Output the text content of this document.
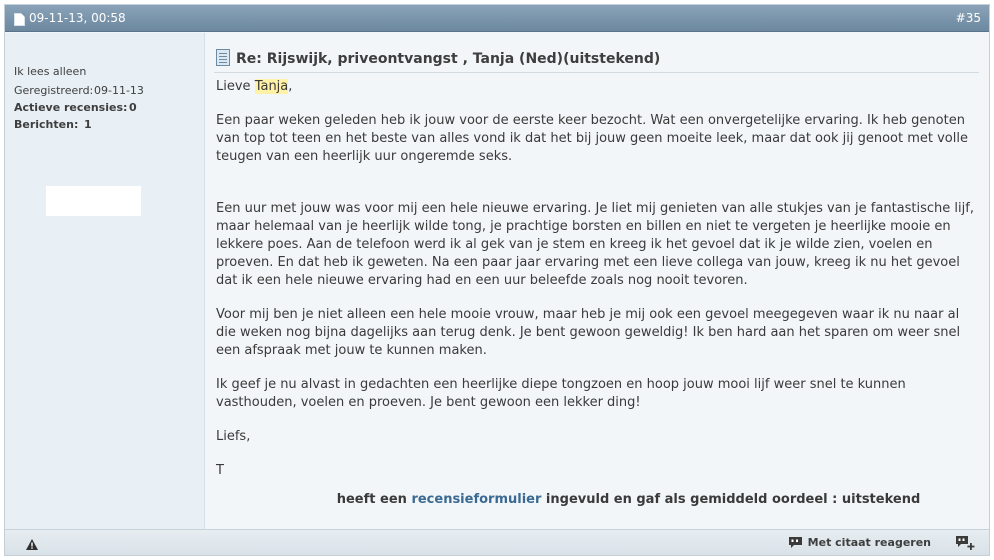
09-11-13, 00:58	#35
Ik lees alleen
Geregistreerd: 09-11-13
Actieve recensies: 0
Berichten: 1
Re: Rijswijk, priveontvangst , Tanja (Ned)(uitstekend)

Lieve Tanja,

Een paar weken geleden heb ik jouw voor de eerste keer bezocht. Wat een onvergetelijke ervaring. Ik heb genoten van top tot teen en het beste van alles vond ik dat het bij jouw geen moeite leek, maar dat ook jij genoot met volle teugen van een heerlijk uur ongeremde seks.

Een uur met jouw was voor mij een hele nieuwe ervaring. Je liet mij genieten van alle stukjes van je fantastische lijf, maar helemaal van je heerlijk wilde tong, je prachtige borsten en billen en niet te vergeten je heerlijke mooie en lekkere poes. Aan de telefoon werd ik al gek van je stem en kreeg ik het gevoel dat ik je wilde zien, voelen en proeven. En dat heb ik geweten. Na een paar jaar ervaring met een lieve collega van jouw, kreeg ik nu het gevoel dat ik een hele nieuwe ervaring had en een uur beleefde zoals nog nooit tevoren.

Voor mij ben je niet alleen een hele mooie vrouw, maar heb je mij ook een gevoel meegegeven waar ik nu naar al die weken nog bijna dagelijks aan terug denk. Je bent gewoon geweldig! Ik ben hard aan het sparen om weer snel een afspraak met jouw te kunnen maken.

Ik geef je nu alvast in gedachten een heerlijke diepe tongzoen en hoop jouw mooi lijf weer snel te kunnen vasthouden, voelen en proeven. Je bent gewoon een lekker ding!

Liefs,

T

heeft een recensieformulier ingevuld en gaf als gemiddeld oordeel : uitstekend
Met citaat reageren
